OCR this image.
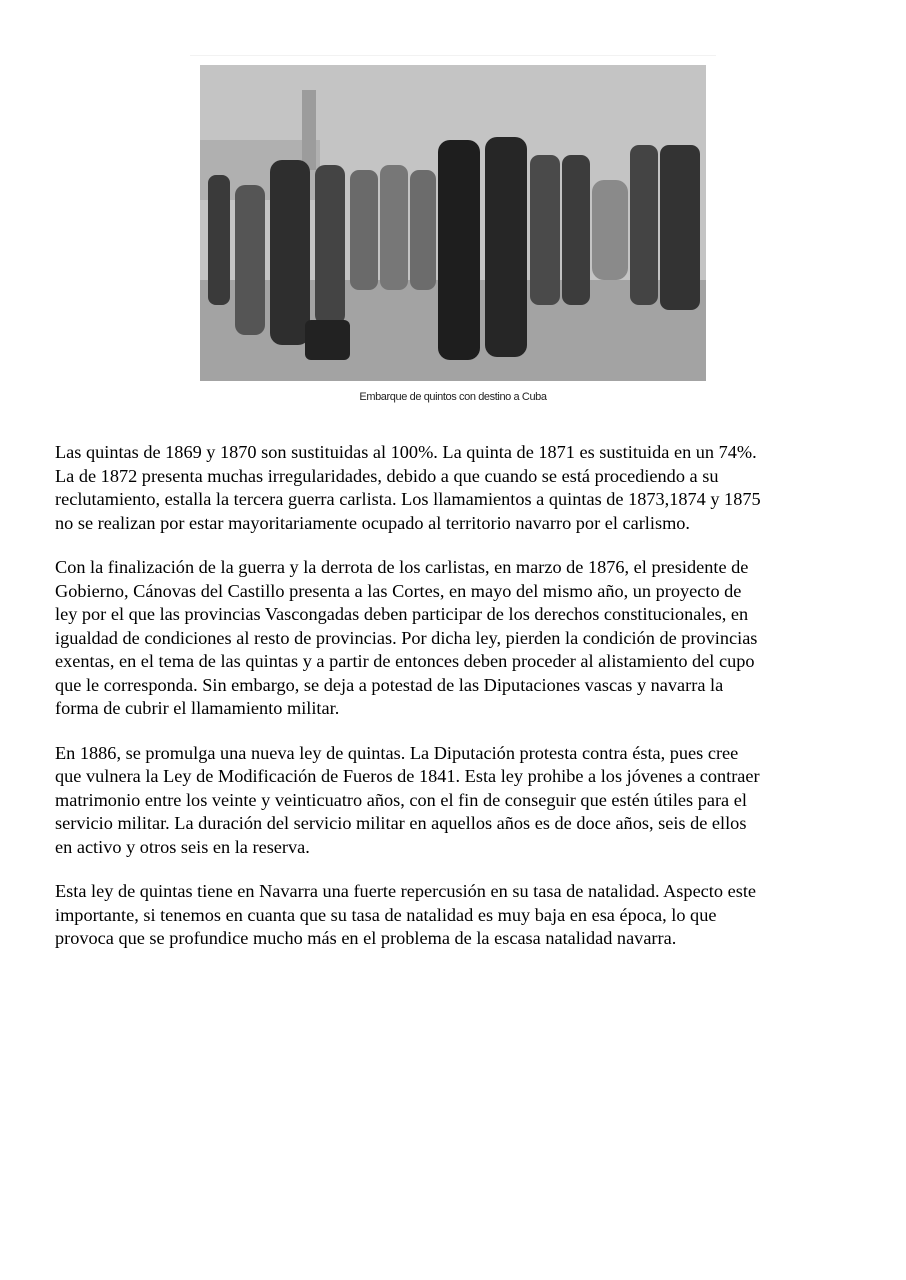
Embarque de quintos con destino a Cuba

Las quintas de 1869 y 1870 son sustituidas al 100%. La quinta de 1871 es sustituida en un 74%.
La de 1872 presenta muchas irregularidades, debido a que cuando se está procediendo a su
reclutamiento, estalla la tercera guerra carlista. Los llamamientos a quintas de 1873,1874 y 1875
no se realizan por estar mayoritariamente ocupado al territorio navarro por el carlismo.

Con la finalización de la guerra y la derrota de los carlistas, en marzo de 1876, el presidente de
Gobierno, Cánovas del Castillo presenta a las Cortes, en mayo del mismo año, un proyecto de
ley por el que las provincias Vascongadas deben participar de los derechos constitucionales, en
igualdad de condiciones al resto de provincias. Por dicha ley, pierden la condición de provincias
exentas, en el tema de las quintas y a partir de entonces deben proceder al alistamiento del cupo
que le corresponda. Sin embargo, se deja a potestad de las Diputaciones vascas y navarra la
forma de cubrir el llamamiento militar.

En 1886, se promulga una nueva ley de quintas. La Diputación protesta contra ésta, pues cree
que vulnera la Ley de Modificación de Fueros de 1841. Esta ley prohibe a los jóvenes a contraer
matrimonio entre los veinte y veinticuatro años, con el fin de conseguir que estén útiles para el
servicio militar. La duración del servicio militar en aquellos años es de doce años, seis de ellos
en activo y otros seis en la reserva.

Esta ley de quintas tiene en Navarra una fuerte repercusión en su tasa de natalidad. Aspecto este
importante, si tenemos en cuanta que su tasa de natalidad es muy baja en esa época, lo que
provoca que se profundice mucho más en el problema de la escasa natalidad navarra.
